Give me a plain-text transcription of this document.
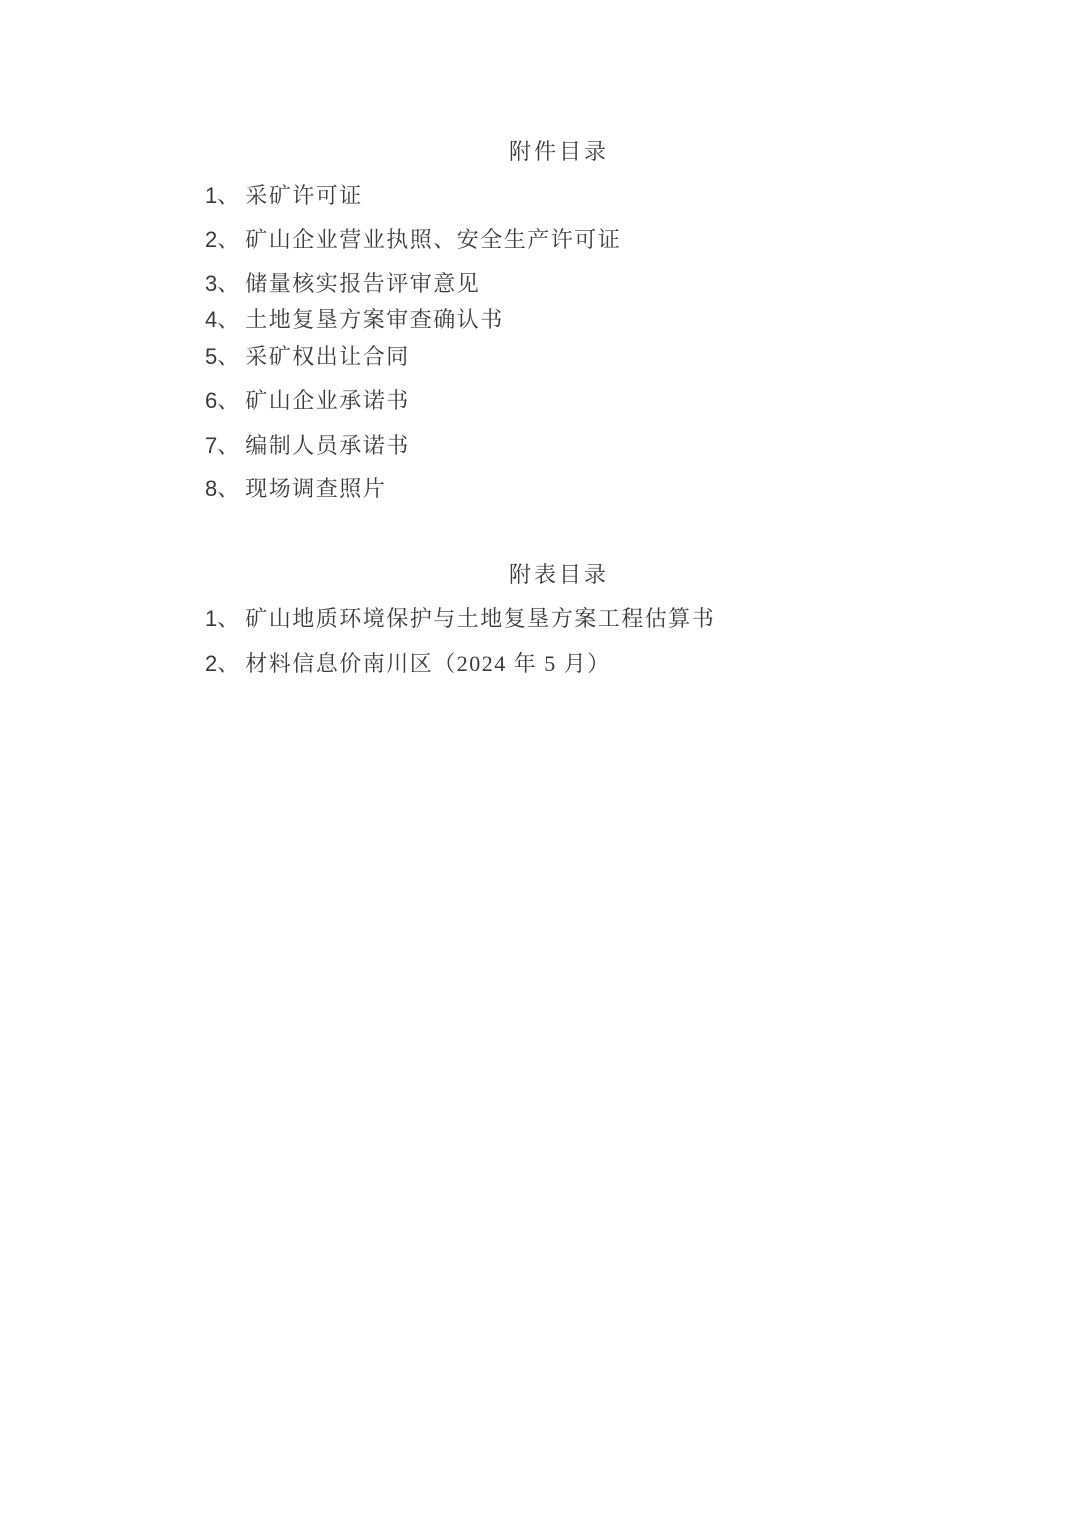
附件目录
1、 采矿许可证
2、 矿山企业营业执照、安全生产许可证
3、 储量核实报告评审意见
4、 土地复垦方案审查确认书
5、 采矿权出让合同
6、 矿山企业承诺书
7、 编制人员承诺书
8、 现场调查照片
附表目录
1、 矿山地质环境保护与土地复垦方案工程估算书
2、 材料信息价南川区（2024 年 5 月）
